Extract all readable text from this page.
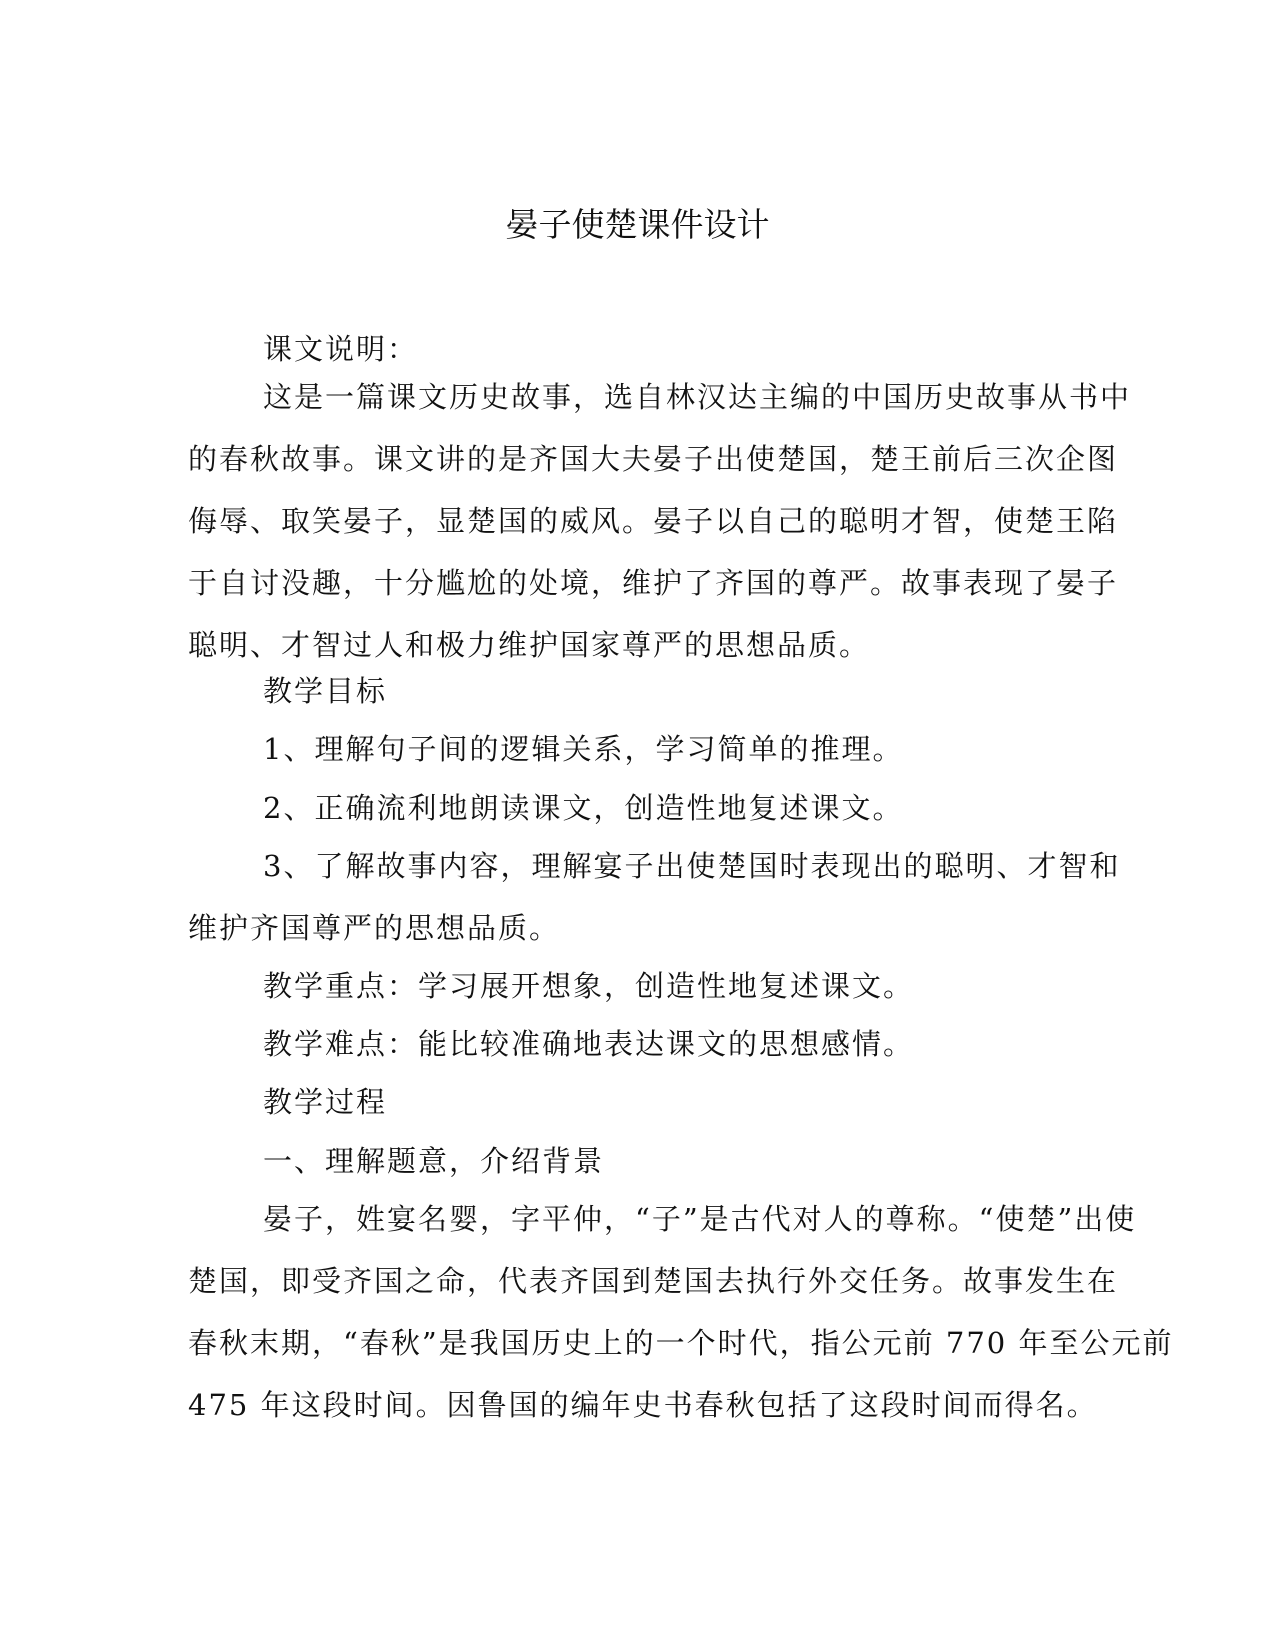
晏子使楚课件设计
课文说明：
这是一篇课文历史故事，选自林汉达主编的中国历史故事从书中
的春秋故事。课文讲的是齐国大夫晏子出使楚国，楚王前后三次企图
侮辱、取笑晏子，显楚国的威风。晏子以自己的聪明才智，使楚王陷
于自讨没趣，十分尴尬的处境，维护了齐国的尊严。故事表现了晏子
聪明、才智过人和极力维护国家尊严的思想品质。
教学目标
1、理解句子间的逻辑关系，学习简单的推理。
2、正确流利地朗读课文，创造性地复述课文。
3、了解故事内容，理解宴子出使楚国时表现出的聪明、才智和
维护齐国尊严的思想品质。
教学重点：学习展开想象，创造性地复述课文。
教学难点：能比较准确地表达课文的思想感情。
教学过程
一、理解题意，介绍背景
晏子，姓宴名婴，字平仲，“子”是古代对人的尊称。“使楚”出使
楚国，即受齐国之命，代表齐国到楚国去执行外交任务。故事发生在
春秋末期，“春秋”是我国历史上的一个时代，指公元前 770 年至公元前
475 年这段时间。因鲁国的编年史书春秋包括了这段时间而得名。
